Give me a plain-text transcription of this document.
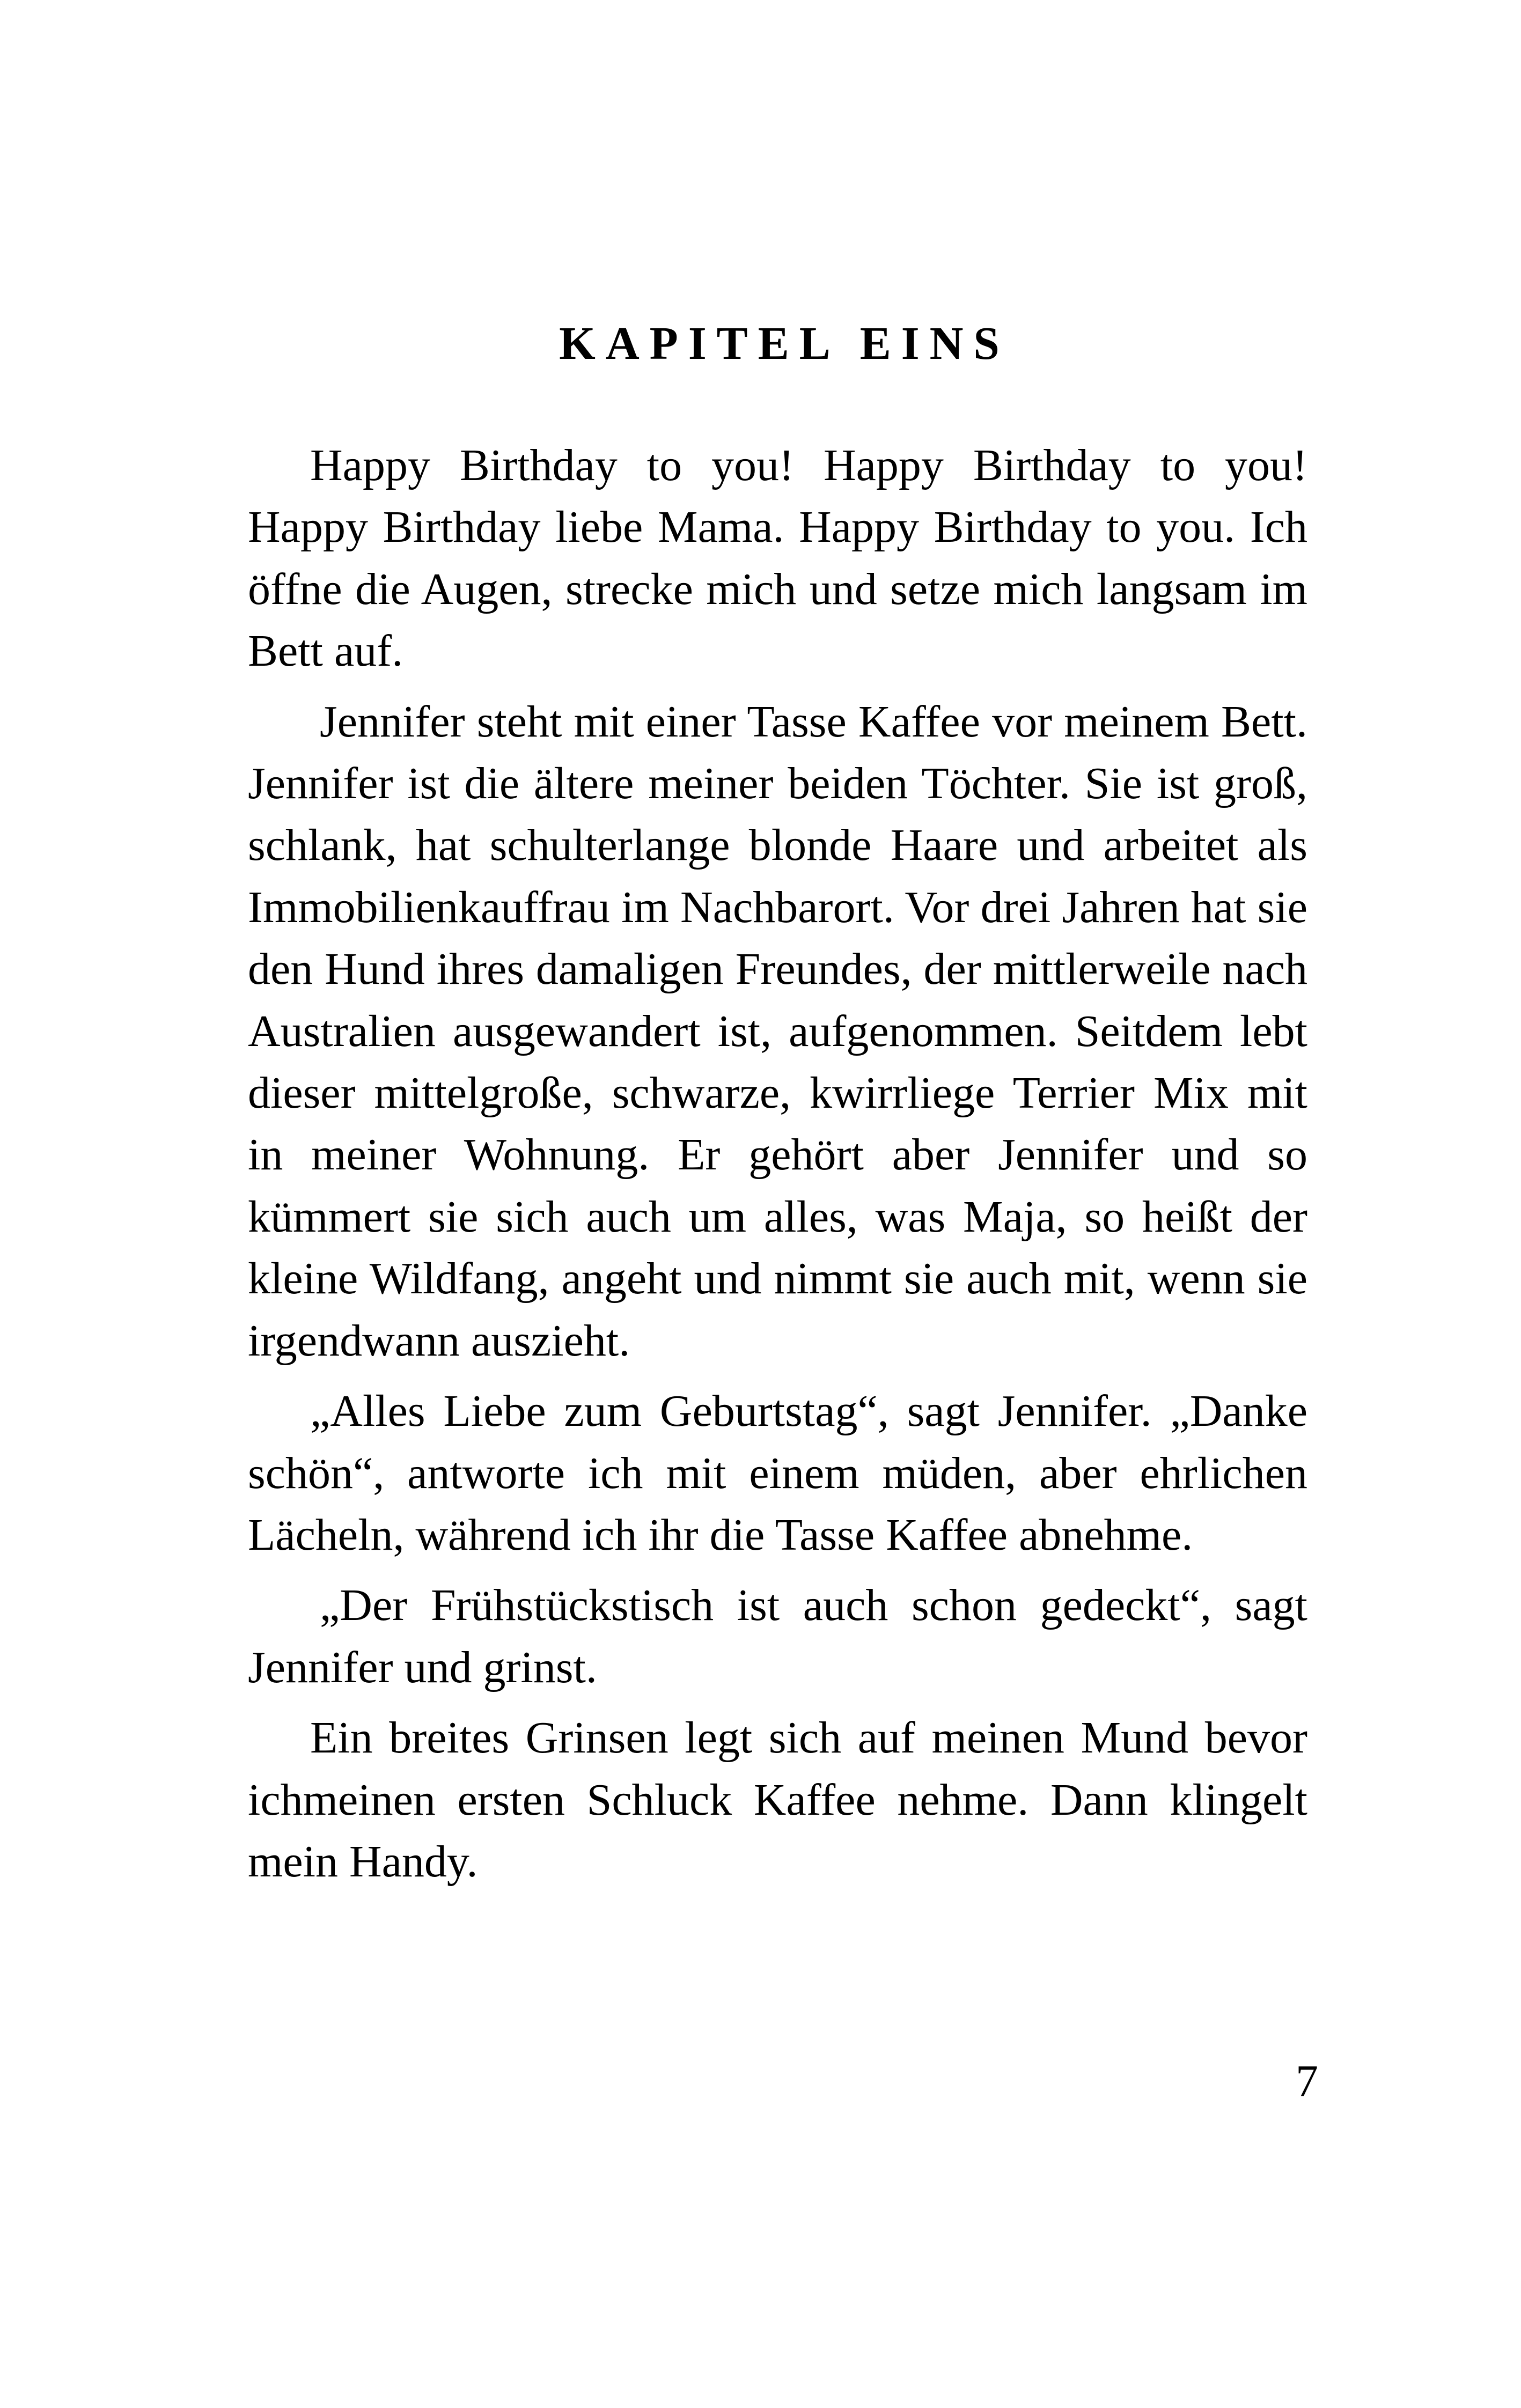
KAPITEL EINS

Happy Birthday to you! Happy Birthday to you! Happy Birthday liebe Mama. Happy Birthday to you. Ich öffne die Augen, strecke mich und setze mich langsam im Bett auf.

Jennifer steht mit einer Tasse Kaffee vor meinem Bett. Jennifer ist die ältere meiner beiden Töchter. Sie ist groß, schlank, hat schulterlange blonde Haare und arbeitet als Immobilienkauffrau im Nachbarort. Vor drei Jahren hat sie den Hund ihres damaligen Freundes, der mittlerweile nach Australien ausgewandert ist, aufgenommen. Seitdem lebt dieser mittelgroße, schwarze, kwirrliege Terrier Mix mit in meiner Wohnung. Er gehört aber Jennifer und so kümmert sie sich auch um alles, was Maja, so heißt der kleine Wildfang, angeht und nimmt sie auch mit, wenn sie irgendwann auszieht.

„Alles Liebe zum Geburtstag“, sagt Jennifer. „Danke schön“, antworte ich mit einem müden, aber ehrlichen Lächeln, während ich ihr die Tasse Kaffee abnehme.

„Der Frühstückstisch ist auch schon gedeckt“, sagt Jennifer und grinst.

Ein breites Grinsen legt sich auf meinen Mund bevor ichmeinen ersten Schluck Kaffee nehme. Dann klingelt mein Handy.

7
